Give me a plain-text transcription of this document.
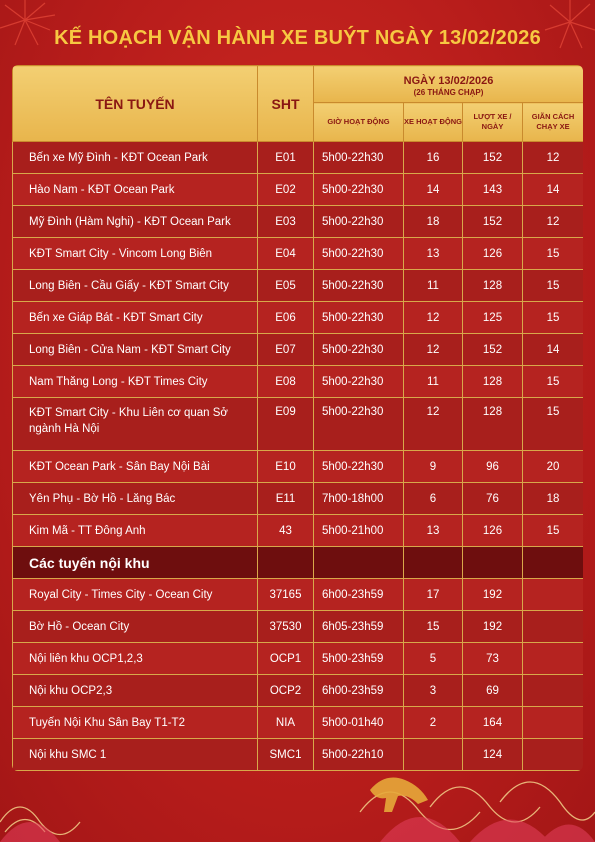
KẾ HOẠCH VẬN HÀNH XE BUÝT NGÀY 13/02/2026
TÊN TUYẾN	SHT	NGÀY 13/02/2026
(26 THÁNG CHẠP)			

		GIỜ HOẠT ĐỘNG	XE HOẠT ĐỘNG	LƯỢT XE / NGÀY	GIÃN CÁCH CHẠY XE
Bến xe Mỹ Đình - KĐT Ocean Park	E01	5h00-22h30	16	152	12
Hào Nam - KĐT Ocean Park	E02	5h00-22h30	14	143	14
Mỹ Đình (Hàm Nghi) - KĐT Ocean Park	E03	5h00-22h30	18	152	12
KĐT Smart City - Vincom Long Biên	E04	5h00-22h30	13	126	15
Long Biên - Cầu Giấy - KĐT Smart City	E05	5h00-22h30	11	128	15
Bến xe Giáp Bát - KĐT Smart City	E06	5h00-22h30	12	125	15
Long Biên - Cửa Nam - KĐT Smart City	E07	5h00-22h30	12	152	14
Nam Thăng Long - KĐT Times City	E08	5h00-22h30	11	128	15
KĐT Smart City - Khu Liên cơ quan Sở ngành Hà Nội	E09	5h00-22h30	12	128	15
KĐT Ocean Park - Sân Bay Nội Bài	E10	5h00-22h30	9	96	20
Yên Phụ - Bờ Hồ - Lăng Bác	E11	7h00-18h00	6	76	18
Kim Mã - TT Đông Anh	43	5h00-21h00	13	126	15
Các tuyến nội khu					
Royal City - Times City - Ocean City	37165	6h00-23h59	17	192	
Bờ Hồ - Ocean City	37530	6h05-23h59	15	192	
Nội liên khu OCP1,2,3	OCP1	5h00-23h59	5	73	
Nội khu OCP2,3	OCP2	6h00-23h59	3	69	
Tuyến Nội Khu Sân Bay T1-T2	NIA	5h00-01h40	2	164	
Nội khu SMC 1	SMC1	5h00-22h10		124	
